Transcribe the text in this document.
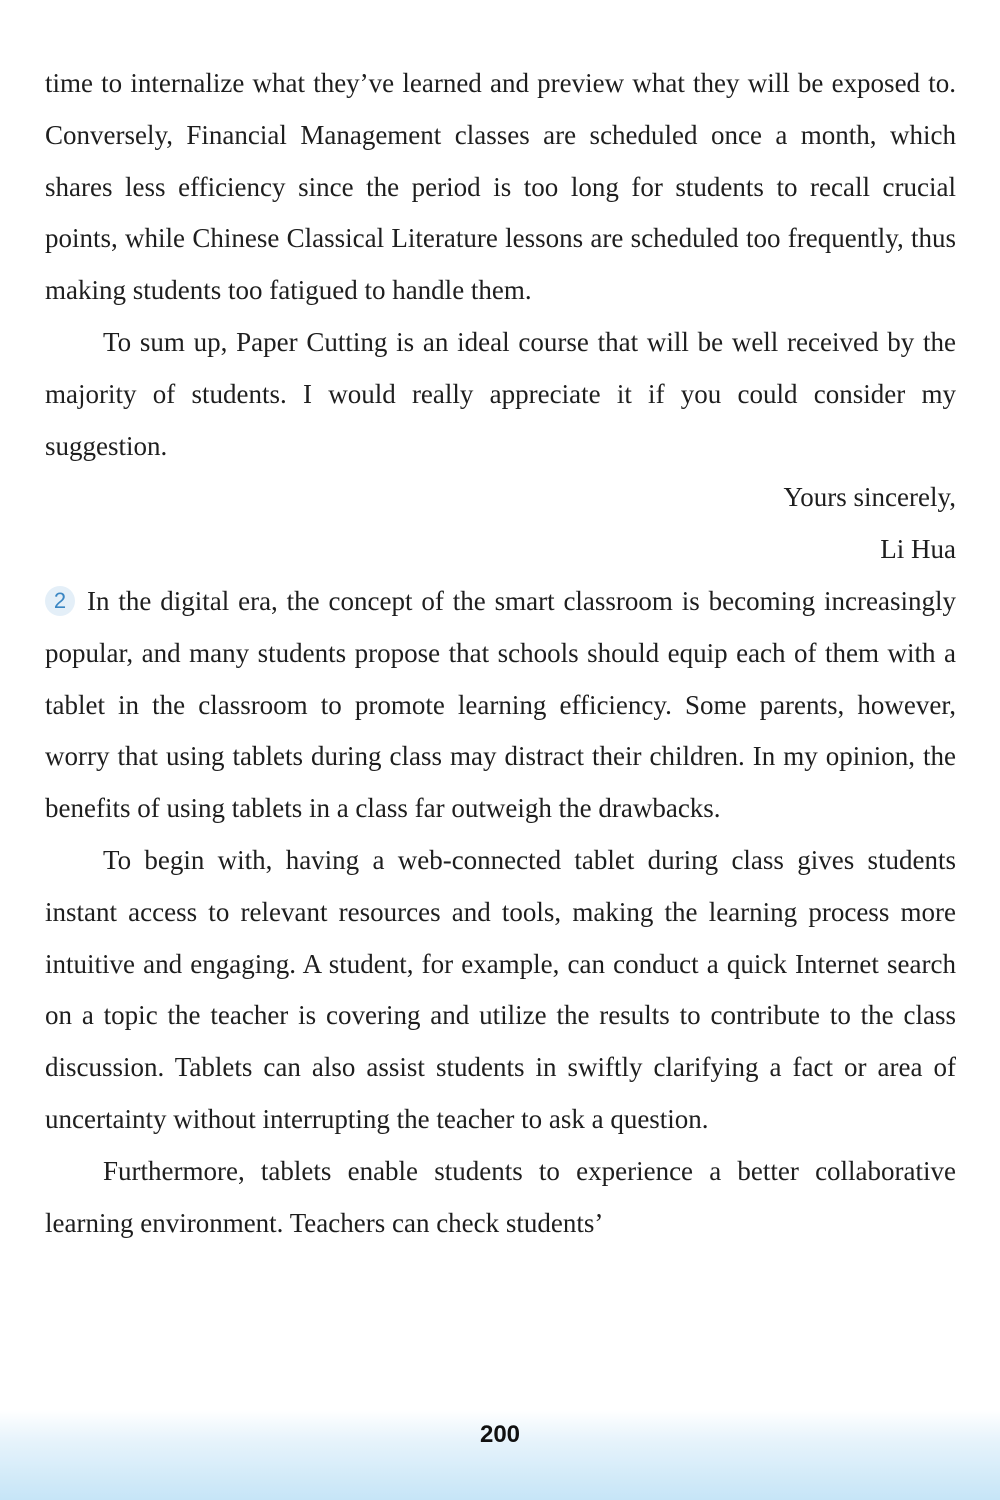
time to internalize what they’ve learned and preview what they will be exposed to. Conversely, Financial Management classes are scheduled once a month, which shares less efficiency since the period is too long for students to recall crucial points, while Chinese Classical Literature lessons are scheduled too frequently, thus making students too fatigued to handle them.

To sum up, Paper Cutting is an ideal course that will be well received by the majority of students. I would really appreciate it if you could consider my suggestion.

Yours sincerely,

Li Hua

2 In the digital era, the concept of the smart classroom is becoming increasingly popular, and many students propose that schools should equip each of them with a tablet in the classroom to promote learning efficiency. Some parents, however, worry that using tablets during class may distract their children. In my opinion, the benefits of using tablets in a class far outweigh the drawbacks.

To begin with, having a web-connected tablet during class gives students instant access to relevant resources and tools, making the learning process more intuitive and engaging. A student, for example, can conduct a quick Internet search on a topic the teacher is covering and utilize the results to contribute to the class discussion. Tablets can also assist students in swiftly clarifying a fact or area of uncertainty without interrupting the teacher to ask a question.

Furthermore, tablets enable students to experience a better collaborative learning environment. Teachers can check students’

200
